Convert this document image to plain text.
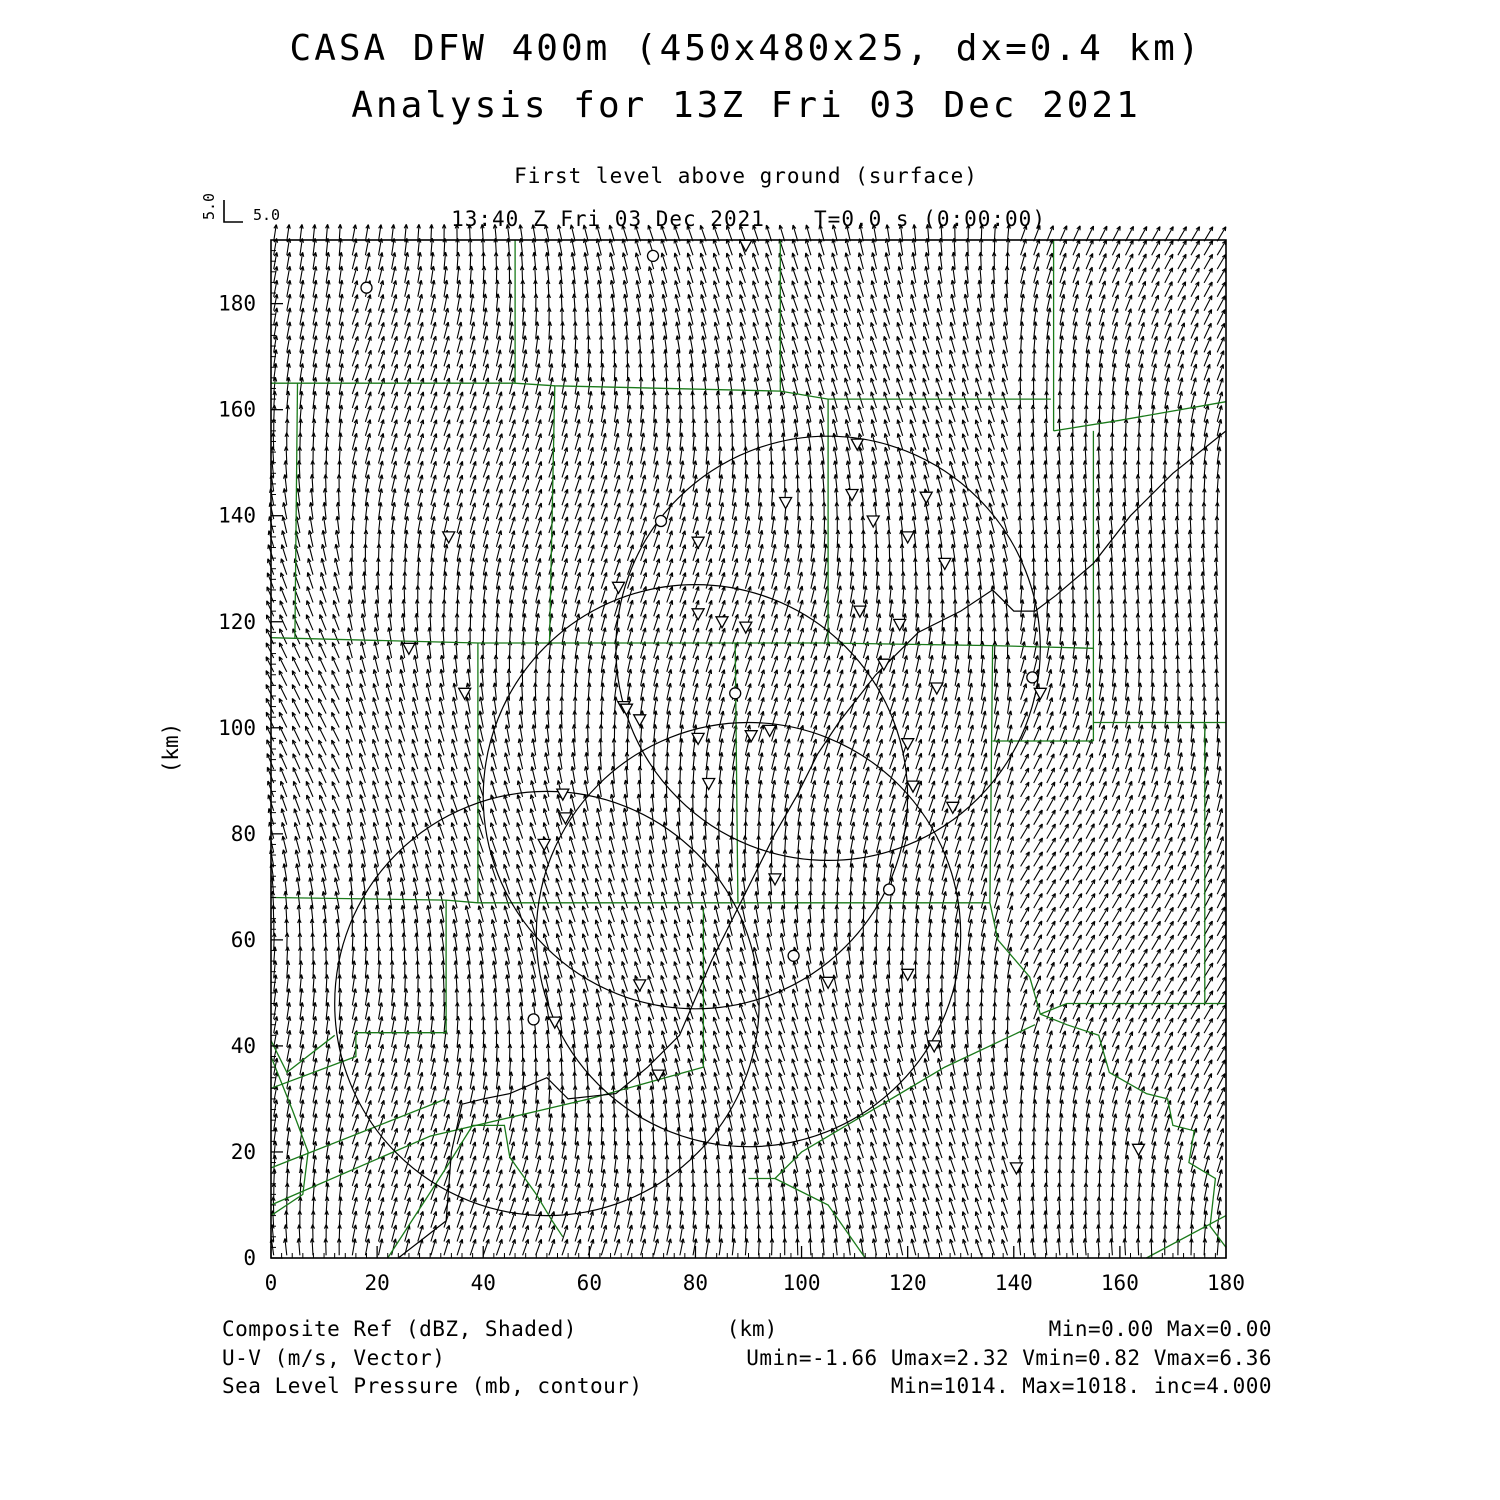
CASA DFW 400m (450x480x25, dx=0.4 km)
Analysis for 13Z Fri 03 Dec 2021
First level above ground (surface)
13:40 Z Fri 03 Dec 2021 T=0.0 s (0:00:00)
5.0 5.0
0	20	40	60	80	100	120	140	160	180
0
20
40
60
80
100
120
140
160
180
(km)
(km)
Composite Ref (dBZ, Shaded)	Min=0.00 Max=0.00
U-V (m/s, Vector)	Umin=-1.66 Umax=2.32 Vmin=0.82 Vmax=6.36
Sea Level Pressure (mb, contour)	Min=1014. Max=1018. inc=4.000
